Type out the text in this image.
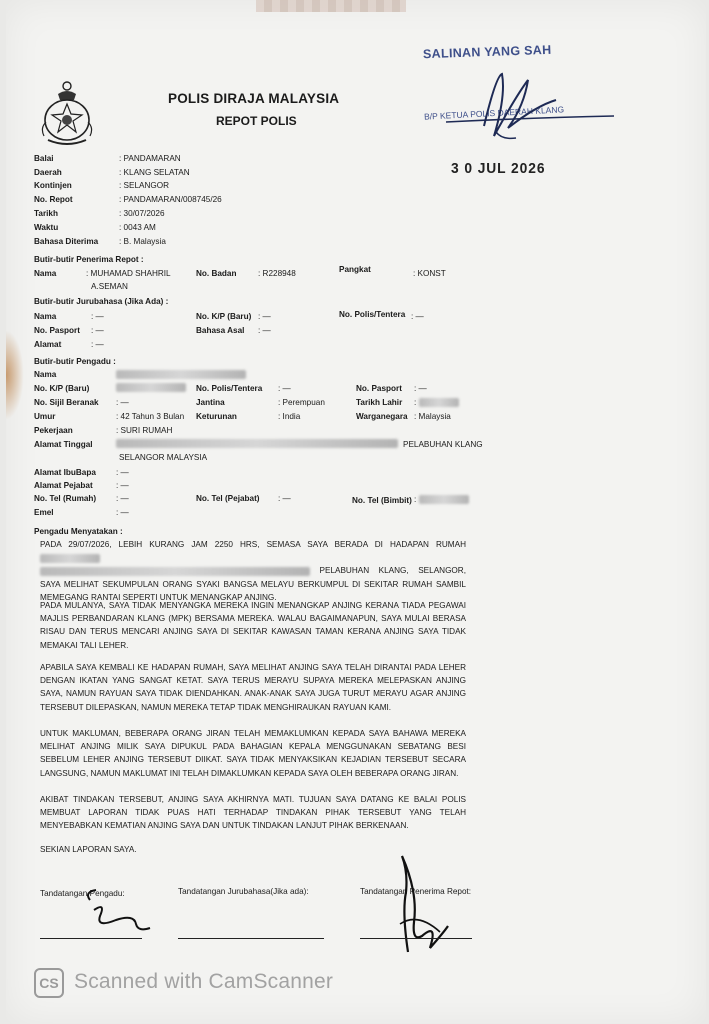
POLIS DIRAJA MALAYSIA
REPOT POLIS
SALINAN YANG SAH
B/P KETUA POLIS DAERAH KLANG
3 0 JUL 2026
Balai	: PANDAMARAN
Daerah	: KLANG SELATAN
Kontinjen	: SELANGOR
No. Repot	: PANDAMARAN/008745/26
Tarikh	: 30/07/2026
Waktu	: 0043 AM
Bahasa Diterima	: B. Malaysia
Butir-butir Penerima Repot :
Nama	: MUHAMAD SHAHRIL
A.SEMAN
No. Badan	: R228948	Pangkat	: KONST
Butir-butir Jurubahasa (Jika Ada) :
Nama	: —	No. K/P (Baru) : —	No. Polis/Tentera : —
No. Pasport : —	Bahasa Asal : —
Alamat	: —
Butir-butir Pengadu :
Nama
No. K/P (Baru)	No. Polis/Tentera : —	No. Pasport : —
No. Sijil Beranak : —	Jantina	: Perempuan	Tarikh Lahir :
Umur	: 42 Tahun 3 Bulan Keturunan	: India	Warganegara : Malaysia
Pekerjaan	: SURI RUMAH
Alamat Tinggal	PELABUHAN KLANG
SELANGOR MALAYSIA
Alamat IbuBapa : —
Alamat Pejabat	: —
No. Tel (Rumah) : —	No. Tel (Pejabat) : —	No. Tel (Bimbit) :
Emel	: —
Pengadu Menyatakan :
PADA 29/07/2026, LEBIH KURANG JAM 2250 HRS, SEMASA SAYA BERADA DI HADAPAN RUMAH
PELABUHAN KLANG, SELANGOR, SAYA MELIHAT SEKUMPULAN ORANG SYAKI BANGSA MELAYU BERKUMPUL DI SEKITAR RUMAH SAMBIL MEMEGANG RANTAI SEPERTI UNTUK MENANGKAP ANJING.
PADA MULANYA, SAYA TIDAK MENYANGKA MEREKA INGIN MENANGKAP ANJING KERANA TIADA PEGAWAI MAJLIS PERBANDARAN KLANG (MPK) BERSAMA MEREKA. WALAU BAGAIMANAPUN, SAYA MULAI BERASA RISAU DAN TERUS MENCARI ANJING SAYA DI SEKITAR KAWASAN TAMAN KERANA ANJING SAYA TIDAK MEMAKAI TALI LEHER.
APABILA SAYA KEMBALI KE HADAPAN RUMAH, SAYA MELIHAT ANJING SAYA TELAH DIRANTAI PADA LEHER DENGAN IKATAN YANG SANGAT KETAT. SAYA TERUS MERAYU SUPAYA MEREKA MELEPASKAN ANJING SAYA, NAMUN RAYUAN SAYA TIDAK DIENDAHKAN. ANAK-ANAK SAYA JUGA TURUT MERAYU AGAR ANJING TERSEBUT DILEPASKAN, NAMUN MEREKA TETAP TIDAK MENGHIRAUKAN RAYUAN KAMI.
UNTUK MAKLUMAN, BEBERAPA ORANG JIRAN TELAH MEMAKLUMKAN KEPADA SAYA BAHAWA MEREKA MELIHAT ANJING MILIK SAYA DIPUKUL PADA BAHAGIAN KEPALA MENGGUNAKAN SEBATANG BESI SEBELUM LEHER ANJING TERSEBUT DIIKAT. SAYA TIDAK MENYAKSIKAN KEJADIAN TERSEBUT SECARA LANGSUNG, NAMUN MAKLUMAT INI TELAH DIMAKLUMKAN KEPADA SAYA OLEH BEBERAPA ORANG JIRAN.
AKIBAT TINDAKAN TERSEBUT, ANJING SAYA AKHIRNYA MATI. TUJUAN SAYA DATANG KE BALAI POLIS MEMBUAT LAPORAN TIDAK PUAS HATI TERHADAP TINDAKAN PIHAK TERSEBUT YANG TELAH MENYEBABKAN KEMATIAN ANJING SAYA DAN UNTUK TINDAKAN LANJUT PIHAK BERKENAAN.
SEKIAN LAPORAN SAYA.
Tandatangan Pengadu:	Tandatangan Jurubahasa(Jika ada):	Tandatangan Penerima Repot:
CS Scanned with CamScanner
